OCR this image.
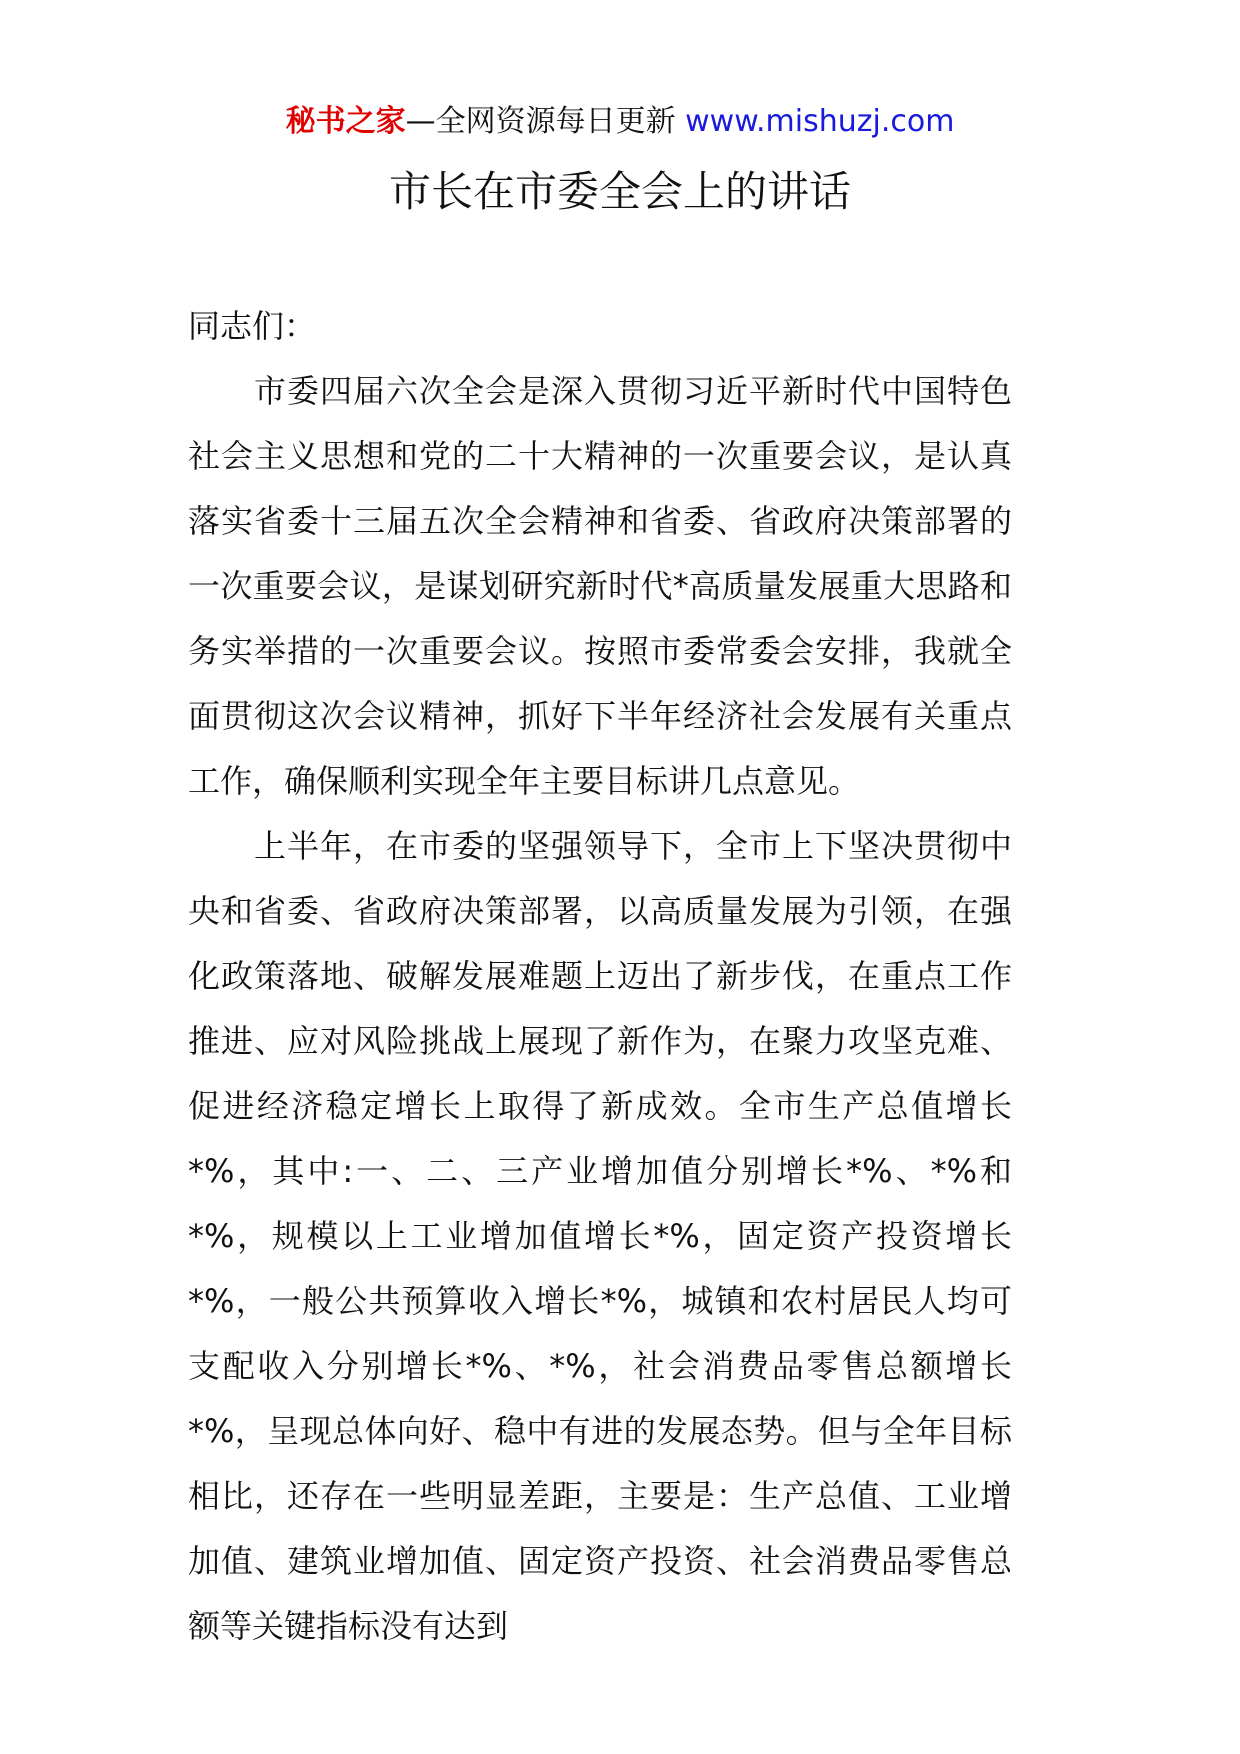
秘书之家—全网资源每日更新 www.mishuzj.com
市长在市委全会上的讲话

同志们：

市委四届六次全会是深入贯彻习近平新时代中国特色社会主义思想和党的二十大精神的一次重要会议，是认真落实省委十三届五次全会精神和省委、省政府决策部署的一次重要会议，是谋划研究新时代*高质量发展重大思路和务实举措的一次重要会议。按照市委常委会安排，我就全面贯彻这次会议精神，抓好下半年经济社会发展有关重点工作，确保顺利实现全年主要目标讲几点意见。

上半年，在市委的坚强领导下，全市上下坚决贯彻中央和省委、省政府决策部署，以高质量发展为引领，在强化政策落地、破解发展难题上迈出了新步伐，在重点工作推进、应对风险挑战上展现了新作为，在聚力攻坚克难、促进经济稳定增长上取得了新成效。全市生产总值增长*%，其中:一、二、三产业增加值分别增长*%、*%和*%，规模以上工业增加值增长*%，固定资产投资增长*%，一般公共预算收入增长*%，城镇和农村居民人均可支配收入分别增长*%、*%，社会消费品零售总额增长*%，呈现总体向好、稳中有进的发展态势。但与全年目标相比，还存在一些明显差距，主要是：生产总值、工业增加值、建筑业增加值、固定资产投资、社会消费品零售总额等关键指标没有达到
